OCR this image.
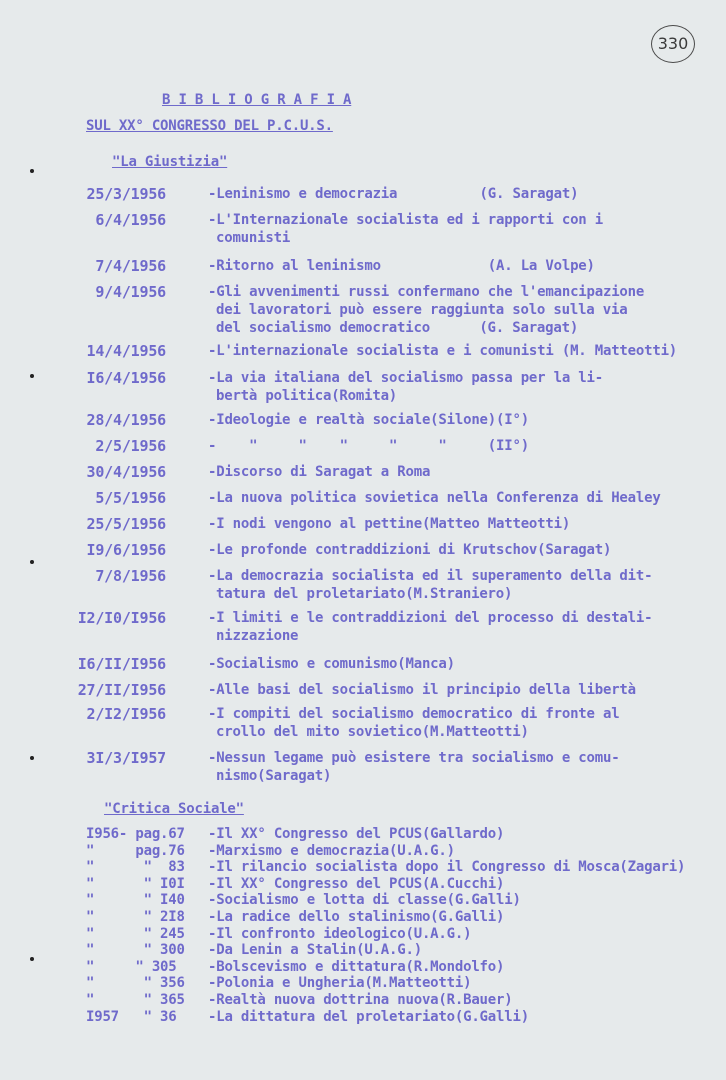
330
B I B L I O G R A F I A
SUL XX° CONGRESSO DEL P.C.U.S.
"La Giustizia"
25/3/1956	-Leninismo e democrazia          (G. Saragat)
6/4/1956	-L'Internazionale socialista ed i rapporti con i
comunisti
7/4/1956	-Ritorno al leninismo             (A. La Volpe)
9/4/1956	-Gli avvenimenti russi confermano che l'emancipazione
dei lavoratori può essere raggiunta solo sulla via
del socialismo democratico      (G. Saragat)
14/4/1956	-L'internazionale socialista e i comunisti (M. Matteotti)
I6/4/1956	-La via italiana del socialismo passa per la li-
bertà politica(Romita)
28/4/1956	-Ideologie e realtà sociale(Silone)(I°)
2/5/1956	-    "     "    "     "     "     (II°)
30/4/1956	-Discorso di Saragat a Roma
5/5/1956	-La nuova politica sovietica nella Conferenza di Healey
25/5/1956	-I nodi vengono al pettine(Matteo Matteotti)
I9/6/1956	-Le profonde contraddizioni di Krutschov(Saragat)
7/8/1956	-La democrazia socialista ed il superamento della dit-
tatura del proletariato(M.Straniero)
I2/I0/I956	-I limiti e le contraddizioni del processo di destali-
nizzazione
I6/II/I956	-Socialismo e comunismo(Manca)
27/II/I956	-Alle basi del socialismo il principio della libertà
2/I2/I956	-I compiti del socialismo democratico di fronte al
crollo del mito sovietico(M.Matteotti)
3I/3/I957	-Nessun legame può esistere tra socialismo e comu-
nismo(Saragat)
"Critica Sociale"
I956- pag.67 -Il XX° Congresso del PCUS(Gallardo)
"     pag.76 -Marxismo e democrazia(U.A.G.)
"      "  83 -Il rilancio socialista dopo il Congresso di Mosca(Zagari)
"      " I0I -Il XX° Congresso del PCUS(A.Cucchi)
"      " I40 -Socialismo e lotta di classe(G.Galli)
"      " 2I8 -La radice dello stalinismo(G.Galli)
"      " 245 -Il confronto ideologico(U.A.G.)
"      " 300 -Da Lenin a Stalin(U.A.G.)
"     " 305 -Bolscevismo e dittatura(R.Mondolfo)
"      " 356 -Polonia e Ungheria(M.Matteotti)
"      " 365 -Realtà nuova dottrina nuova(R.Bauer)
I957   " 36 -La dittatura del proletariato(G.Galli)
